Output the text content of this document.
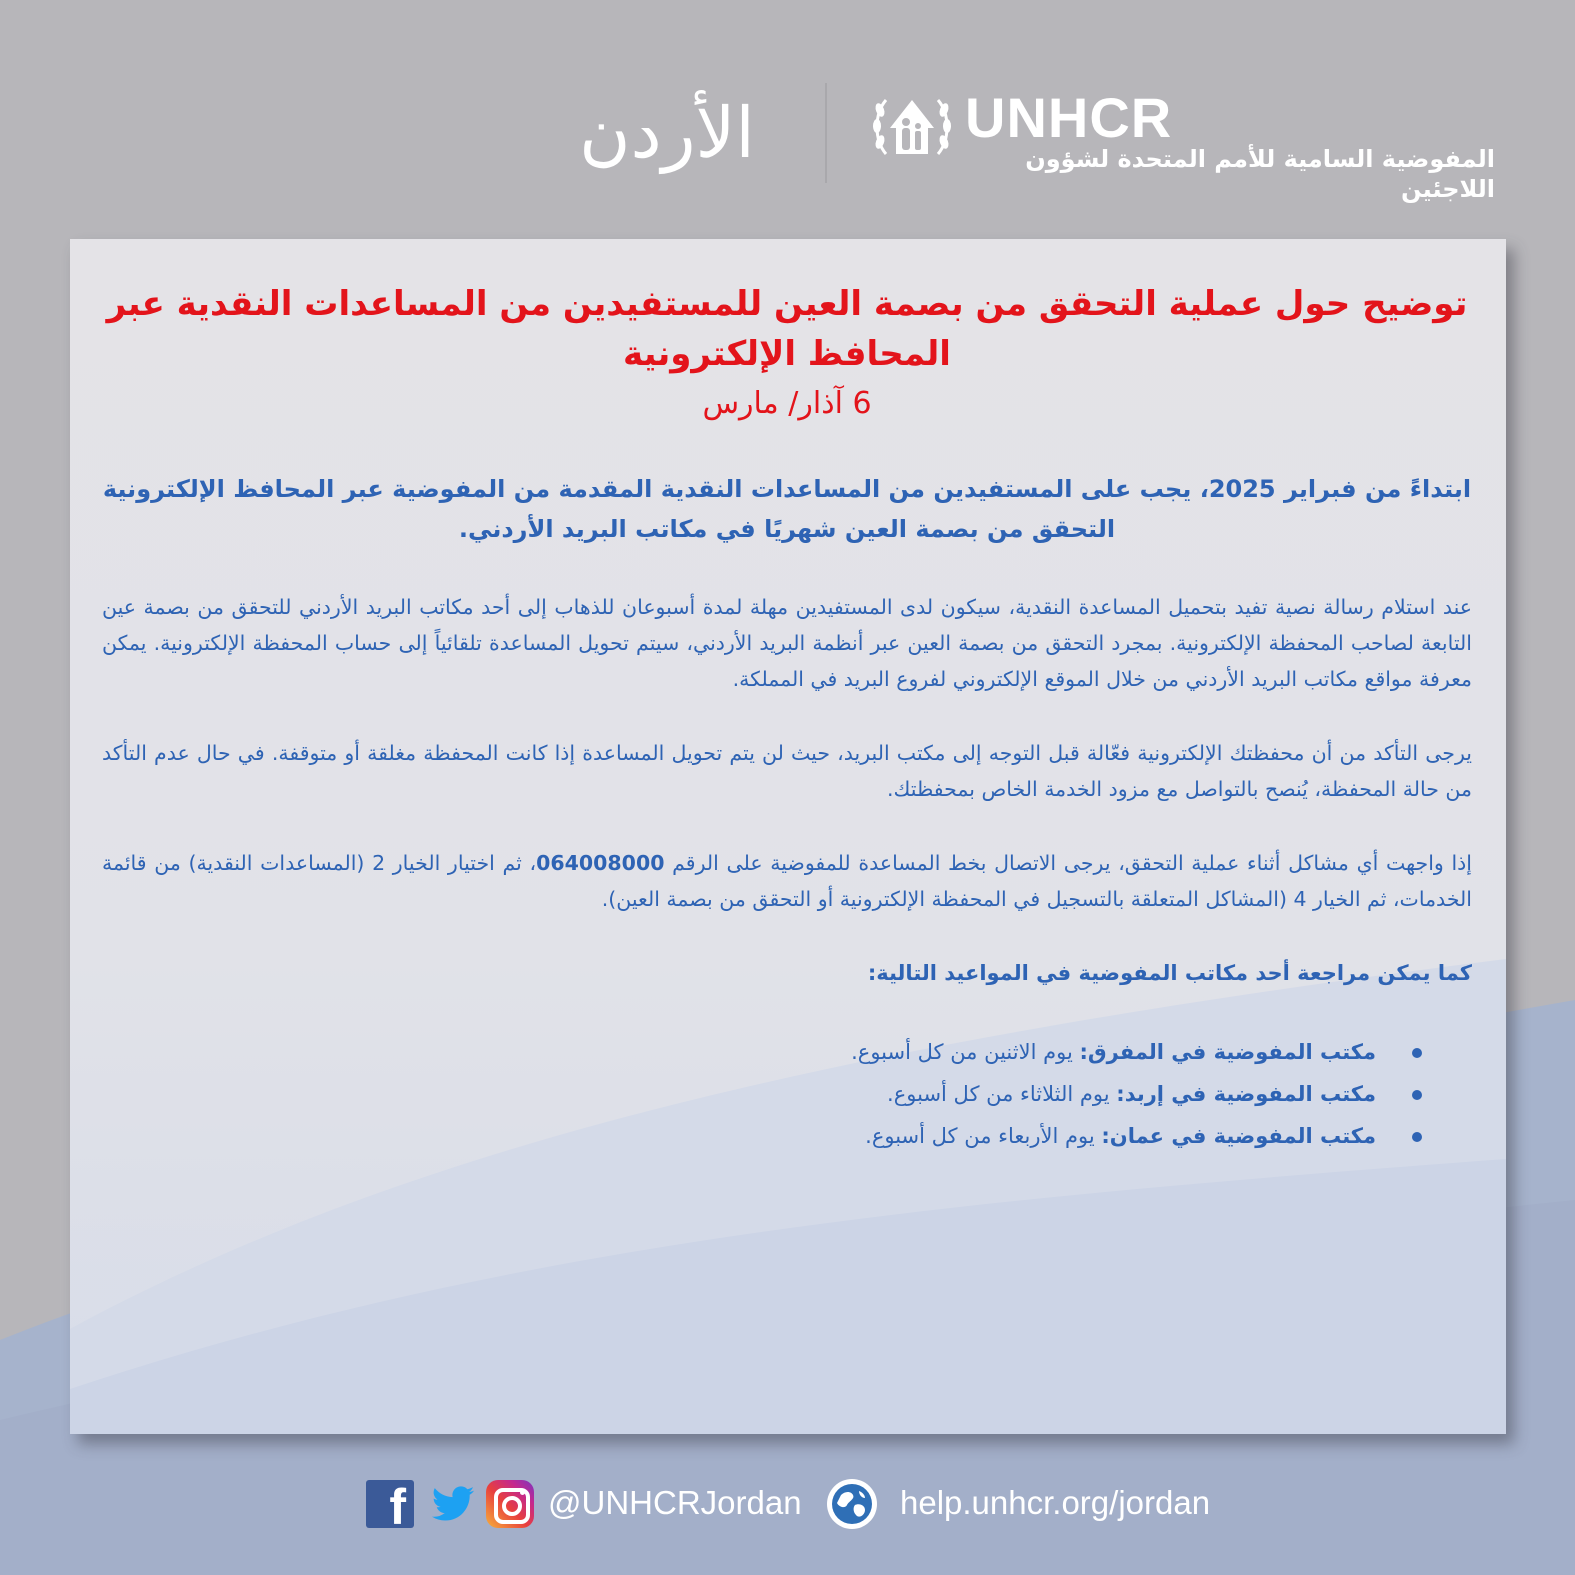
الأردن	UNHCR
المفوضية السامية للأمم المتحدة لشؤون اللاجئين

توضيح حول عملية التحقق من بصمة العين للمستفيدين من المساعدات النقدية عبر المحافظ الإلكترونية

6 آذار/ مارس

ابتداءً من فبراير 2025، يجب على المستفيدين من المساعدات النقدية المقدمة من المفوضية عبر المحافظ الإلكترونية التحقق من بصمة العين شهريًا في مكاتب البريد الأردني.

عند استلام رسالة نصية تفيد بتحميل المساعدة النقدية، سيكون لدى المستفيدين مهلة لمدة أسبوعان للذهاب إلى أحد مكاتب البريد الأردني للتحقق من بصمة عين التابعة لصاحب المحفظة الإلكترونية. بمجرد التحقق من بصمة العين عبر أنظمة البريد الأردني، سيتم تحويل المساعدة تلقائياً إلى حساب المحفظة الإلكترونية. يمكن معرفة مواقع مكاتب البريد الأردني من خلال الموقع الإلكتروني لفروع البريد في المملكة.

يرجى التأكد من أن محفظتك الإلكترونية فعّالة قبل التوجه إلى مكتب البريد، حيث لن يتم تحويل المساعدة إذا كانت المحفظة مغلقة أو متوقفة. في حال عدم التأكد من حالة المحفظة، يُنصح بالتواصل مع مزود الخدمة الخاص بمحفظتك.

إذا واجهت أي مشاكل أثناء عملية التحقق، يرجى الاتصال بخط المساعدة للمفوضية على الرقم 064008000، ثم اختيار الخيار 2 (المساعدات النقدية) من قائمة الخدمات، ثم الخيار 4 (المشاكل المتعلقة بالتسجيل في المحفظة الإلكترونية أو التحقق من بصمة العين).

كما يمكن مراجعة أحد مكاتب المفوضية في المواعيد التالية:

مكتب المفوضية في المفرق: يوم الاثنين من كل أسبوع.
مكتب المفوضية في إربد: يوم الثلاثاء من كل أسبوع.
مكتب المفوضية في عمان: يوم الأربعاء من كل أسبوع.
f	@UNHCRJordan	help.unhcr.org/jordan
